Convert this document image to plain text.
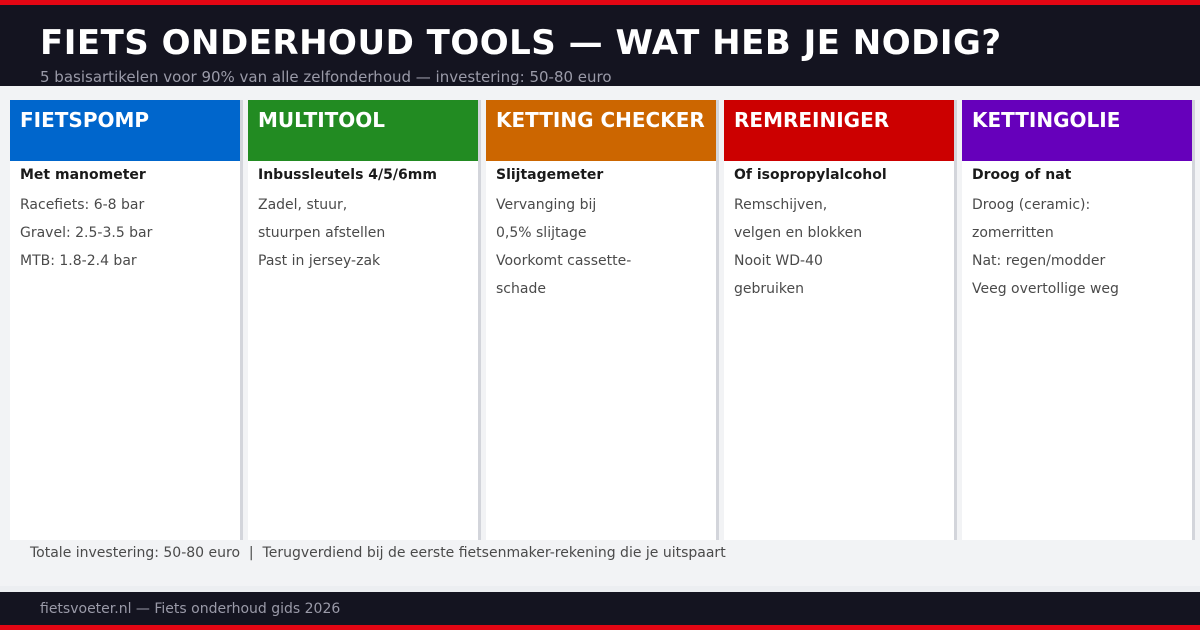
FIETS ONDERHOUD TOOLS — WAT HEB JE NODIG?
5 basisartikelen voor 90% van alle zelfonderhoud — investering: 50-80 euro
FIETSPOMP
Met manometer
Racefiets: 6-8 bar
Gravel: 2.5-3.5 bar
MTB: 1.8-2.4 bar
MULTITOOL
Inbussleutels 4/5/6mm
Zadel, stuur,
stuurpen afstellen
Past in jersey-zak
KETTING CHECKER
Slijtagemeter
Vervanging bij
0,5% slijtage
Voorkomt cassette-
schade
REMREINIGER
Of isopropylalcohol
Remschijven,
velgen en blokken
Nooit WD-40
gebruiken
KETTINGOLIE
Droog of nat
Droog (ceramic):
zomerritten
Nat: regen/modder
Veeg overtollige weg
Totale investering: 50-80 euro  |  Terugverdiend bij de eerste fietsenmaker-rekening die je uitspaart
fietsvoeter.nl — Fiets onderhoud gids 2026
